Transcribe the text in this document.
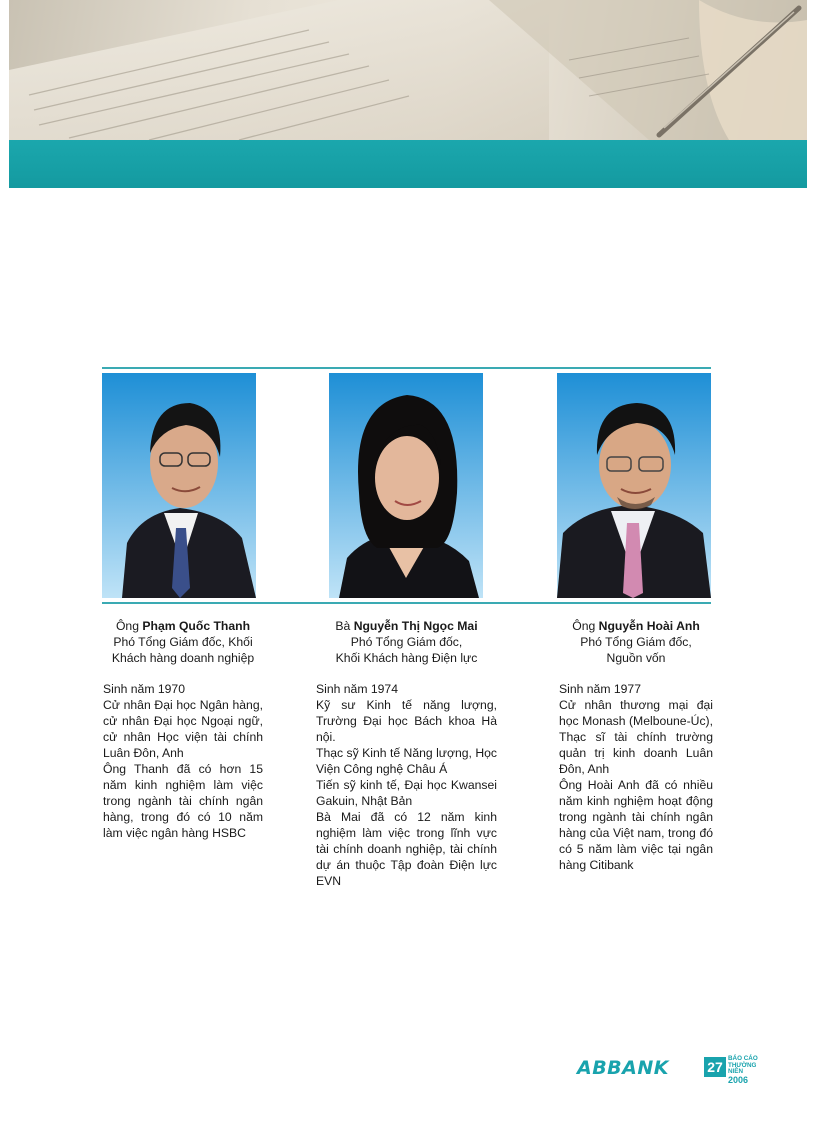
Ông Phạm Quốc Thanh
Phó Tổng Giám đốc, Khối
Khách hàng doanh nghiệp

Sinh năm 1970

Cử nhân Đại học Ngân hàng, cử nhân Đại học Ngoại ngữ, cử nhân Học viện tài chính Luân Đôn, Anh

Ông Thanh đã có hơn 15 năm kinh nghiệm làm việc trong ngành tài chính ngân hàng, trong đó có 10 năm làm việc ngân hàng HSBC

Bà Nguyễn Thị Ngọc Mai
Phó Tổng Giám đốc,
Khối Khách hàng Điện lực

Sinh năm 1974

Kỹ sư Kinh tế năng lượng, Trường Đại học Bách khoa Hà nội.

Thạc sỹ Kinh tế Năng lượng, Học Viện Công nghệ Châu Á

Tiến sỹ kinh tế, Đại học Kwansei Gakuin, Nhật Bản

Bà Mai đã có 12 năm kinh nghiệm làm việc trong lĩnh vực tài chính doanh nghiệp, tài chính dự án thuộc Tập đoàn Điện lực EVN

Ông Nguyễn Hoài Anh
Phó Tổng Giám đốc,
Nguồn vốn

Sinh năm 1977

Cử nhân thương mại đại học Monash (Melboune-Úc), Thạc sĩ tài chính trường quản trị kinh doanh Luân Đôn, Anh

Ông Hoài Anh đã có nhiều năm kinh nghiệm hoạt động trong ngành tài chính ngân hàng của Việt nam, trong đó có 5 năm làm việc tại ngân hàng Citibank

ABBANK	27
BÁO CÁO
THƯỜNG NIÊN
2006
